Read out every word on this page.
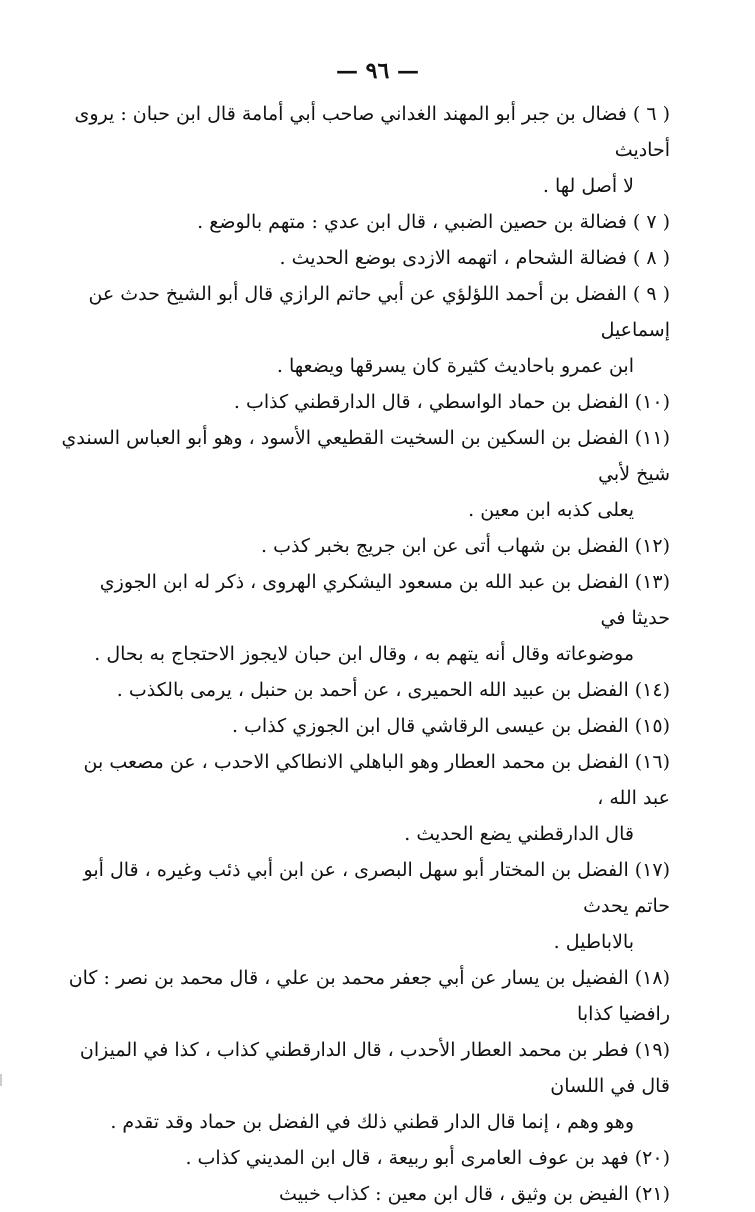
— ٩٦ —
( ٦ )فضال بن جبر أبو المهند الغداني صاحب أبي أمامة قال ابن حبان : يروى أحاديث
لا أصل لها .
( ٧ )فضالة بن حصين الضبي ، قال ابن عدي : متهم بالوضع .
( ٨ )فضالة الشحام ، اتهمه الازدى بوضع الحديث .
( ٩ )الفضل بن أحمد اللؤلؤي عن أبي حاتم الرازي قال أبو الشيخ حدث عن إسماعيل
ابن عمرو باحاديث كثيرة كان يسرقها ويضعها .
(١٠)الفضل بن حماد الواسطي ، قال الدارقطني كذاب .
(١١)الفضل بن السكين بن السخيت القطيعي الأسود ، وهو أبو العباس السندي شيخ لأبي
يعلى كذبه ابن معين .
(١٢)الفضل بن شهاب أتى عن ابن جريج بخبر كذب .
(١٣)الفضل بن عبد الله بن مسعود اليشكري الهروى ، ذكر له ابن الجوزي حديثا في
موضوعاته وقال أنه يتهم به ، وقال ابن حبان لايجوز الاحتجاج به بحال .
(١٤)الفضل بن عبيد الله الحميرى ، عن أحمد بن حنبل ، يرمى بالكذب .
(١٥)الفضل بن عيسى الرقاشي قال ابن الجوزي كذاب .
(١٦)الفضل بن محمد العطار وهو الباهلي الانطاكي الاحدب ، عن مصعب بن عبد الله ،
قال الدارقطني يضع الحديث .
(١٧)الفضل بن المختار أبو سهل البصرى ، عن ابن أبي ذئب وغيره ، قال أبو حاتم يحدث
بالاباطيل .
(١٨)الفضيل بن يسار عن أبي جعفر محمد بن علي ، قال محمد بن نصر : كان رافضيا كذابا
(١٩)فطر بن محمد العطار الأحدب ، قال الدارقطني كذاب ، كذا في الميزان قال في اللسان
وهو وهم ، إنما قال الدار قطني ذلك في الفضل بن حماد وقد تقدم .
(٢٠)فهد بن عوف العامرى أبو ربيعة ، قال ابن المديني كذاب .
(٢١)الفيض بن وثيق ، قال ابن معين : كذاب خبيث
